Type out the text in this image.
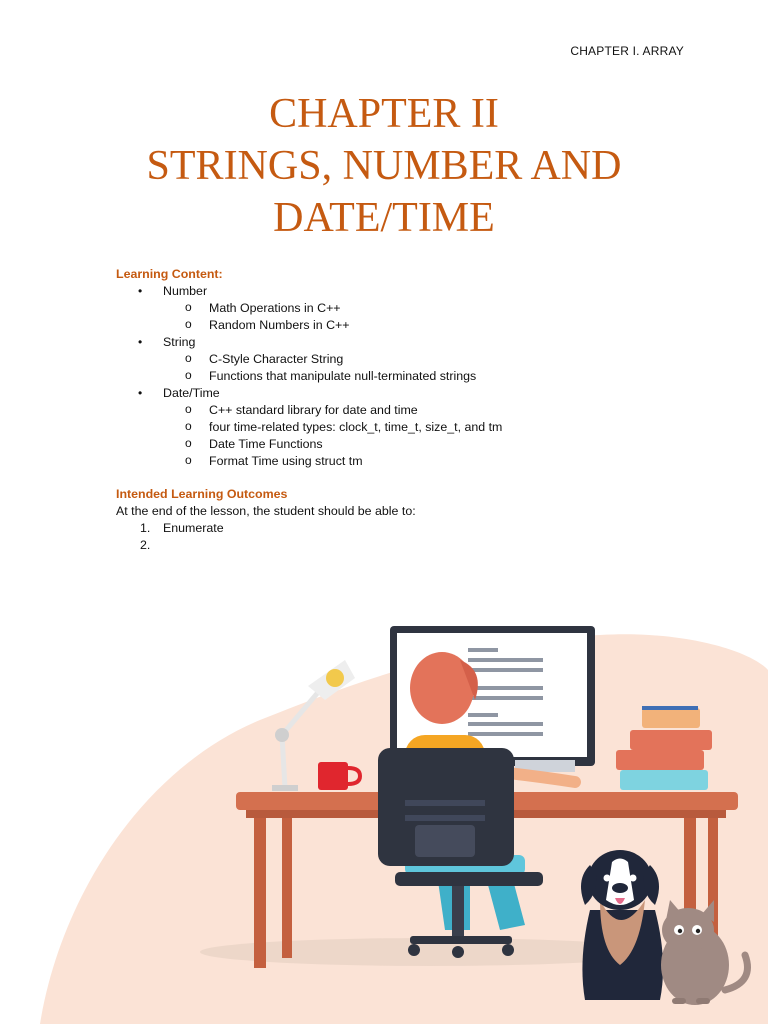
CHAPTER I. ARRAY
CHAPTER II
STRINGS, NUMBER AND
DATE/TIME
Learning Content:
• Number
o Math Operations in C++
o Random Numbers in C++
• String
o C-Style Character String
o Functions that manipulate null-terminated strings
• Date/Time
o C++ standard library for date and time
o four time-related types: clock_t, time_t, size_t, and tm
o Date Time Functions
o Format Time using struct tm
Intended Learning Outcomes
At the end of the lesson, the student should be able to:
1. Enumerate
2.
